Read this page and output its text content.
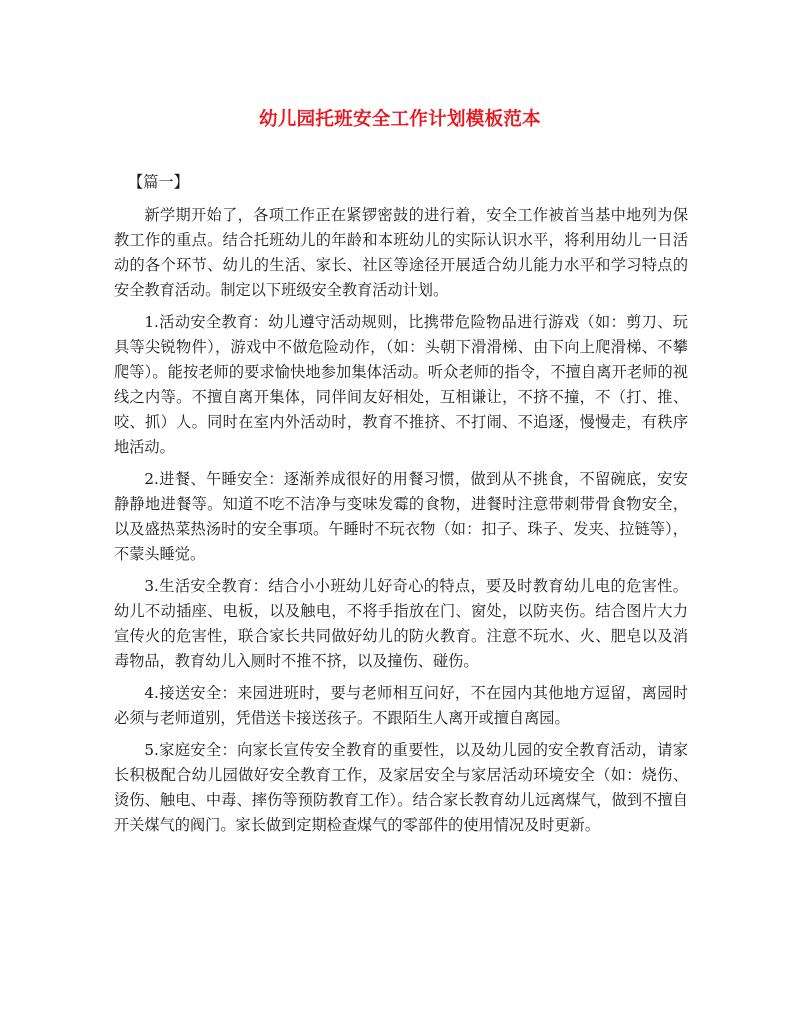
幼儿园托班安全工作计划模板范本
【篇一】

新学期开始了，各项工作正在紧锣密鼓的进行着，安全工作被首当基中地列为保教工作的重点。结合托班幼儿的年龄和本班幼儿的实际认识水平，将利用幼儿一日活动的各个环节、幼儿的生活、家长、社区等途径开展适合幼儿能力水平和学习特点的安全教育活动。制定以下班级安全教育活动计划。

1.活动安全教育：幼儿遵守活动规则，比携带危险物品进行游戏（如：剪刀、玩具等尖锐物件），游戏中不做危险动作，（如：头朝下滑滑梯、由下向上爬滑梯、不攀爬等）。能按老师的要求愉快地参加集体活动。听众老师的指令，不擅自离开老师的视线之内等。不擅自离开集体，同伴间友好相处，互相谦让，不挤不撞，不（打、推、咬、抓）人。同时在室内外活动时，教育不推挤、不打闹、不追逐，慢慢走，有秩序地活动。

2.进餐、午睡安全：逐渐养成很好的用餐习惯，做到从不挑食，不留碗底，安安静静地进餐等。知道不吃不洁净与变味发霉的食物，进餐时注意带刺带骨食物安全，以及盛热菜热汤时的安全事项。午睡时不玩衣物（如：扣子、珠子、发夹、拉链等），不蒙头睡觉。

3.生活安全教育：结合小小班幼儿好奇心的特点，要及时教育幼儿电的危害性。幼儿不动插座、电板，以及触电，不将手指放在门、窗处，以防夹伤。结合图片大力宣传火的危害性，联合家长共同做好幼儿的防火教育。注意不玩水、火、肥皂以及消毒物品，教育幼儿入厕时不推不挤，以及撞伤、碰伤。

4.接送安全：来园进班时，要与老师相互问好，不在园内其他地方逗留，离园时必须与老师道别，凭借送卡接送孩子。不跟陌生人离开或擅自离园。

5.家庭安全：向家长宣传安全教育的重要性，以及幼儿园的安全教育活动，请家长积极配合幼儿园做好安全教育工作，及家居安全与家居活动环境安全（如：烧伤、烫伤、触电、中毒、摔伤等预防教育工作）。结合家长教育幼儿远离煤气，做到不擅自开关煤气的阀门。家长做到定期检查煤气的零部件的使用情况及时更新。
